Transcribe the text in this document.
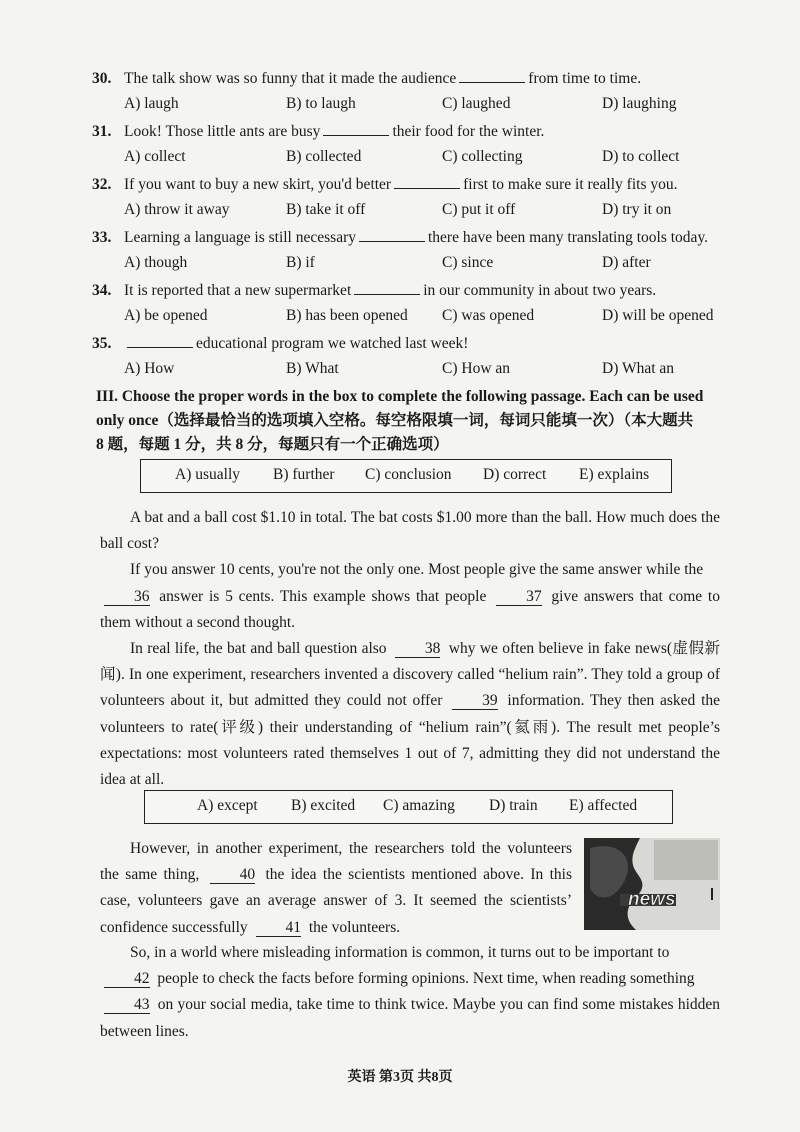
30. The talk show was so funny that it made the audience	from time to time.
A) laugh	B) to laugh	C) laughed	D) laughing
31. Look! Those little ants are busy	their food for the winter.
A) collect	B) collected	C) collecting	D) to collect
32. If you want to buy a new skirt, you'd better	first to make sure it really fits you.
A) throw it away	B) take it off	C) put it off	D) try it on
33. Learning a language is still necessary	there have been many translating tools today.
A) though	B) if	C) since	D) after
34. It is reported that a new supermarket	in our community in about two years.
A) be opened	B) has been opened C) was opened	D) will be opened
35.	educational program we watched last week!
A) How	B) What	C) How an	D) What an
III. Choose the proper words in the box to complete the following passage. Each can be used
only once（选择最恰当的选项填入空格。每空格限填一词，每词只能填一次）（本大题共
8 题，每题 1 分，共 8 分，每题只有一个正确选项）
A) usually B) further C) conclusion D) correct E) explains

A bat and a ball cost $1.10 in total. The bat costs $1.00 more than the ball. How much does the ball cost?

If you answer 10 cents, you're not the only one. Most people give the same answer while the
36 answer is 5 cents. This example shows that people	37 give answers that come to them without a second thought.

In real life, the bat and ball question also 38 why we often believe in fake news(虚假新闻). In one experiment, researchers invented a discovery called “helium rain”. They told a group of volunteers about it, but admitted they could not offer	39 information. They then asked the volunteers to rate(评级) their understanding of “helium rain”(氦雨). The result met people’s expectations: most volunteers rated themselves 1 out of 7, admitting they did not understand the idea at all.

A) except B) excited C) amazing D) train E) affected

However, in another experiment, the researchers told the volunteers the same thing,	40 the idea the scientists mentioned above. In this case, volunteers gave an average answer of 3. It seemed the scientists’ confidence successfully 41 the volunteers.

news

So, in a world where misleading information is common, it turns out to be important to
42 people to check the facts before forming opinions. Next time, when reading something
43 on your social media, take time to think twice. Maybe you can find some mistakes hidden between lines.

英语 第3页 共8页
